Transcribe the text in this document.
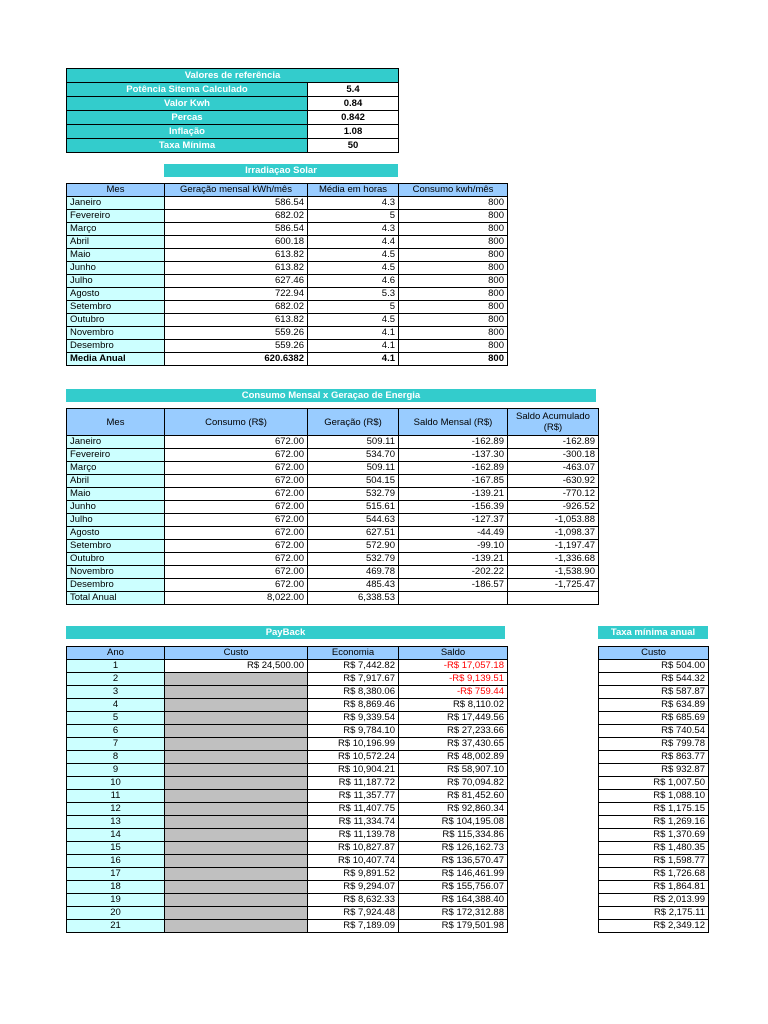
Valores de referência	
Potência Sitema Calculado	5.4
Valor Kwh	0.84
Percas	0.842
Inflação	1.08
Taxa Mínima	50
Irradiaçao Solar
Mes	Geração mensal kWh/mês	Média em horas	Consumo kwh/mês
Janeiro	586.54	4.3	800
Fevereiro	682.02	5	800
Março	586.54	4.3	800
Abril	600.18	4.4	800
Maio	613.82	4.5	800
Junho	613.82	4.5	800
Julho	627.46	4.6	800
Agosto	722.94	5.3	800
Setembro	682.02	5	800
Outubro	613.82	4.5	800
Novembro	559.26	4.1	800
Desembro	559.26	4.1	800
Media Anual	620.6382	4.1	800
Consumo Mensal x Geraçao de Energia
Mes	Consumo (R$)	Geração (R$)	Saldo Mensal (R$)	Saldo Acumulado (R$)
Janeiro	672.00	509.11	-162.89	-162.89
Fevereiro	672.00	534.70	-137.30	-300.18
Março	672.00	509.11	-162.89	-463.07
Abril	672.00	504.15	-167.85	-630.92
Maio	672.00	532.79	-139.21	-770.12
Junho	672.00	515.61	-156.39	-926.52
Julho	672.00	544.63	-127.37	-1,053.88
Agosto	672.00	627.51	-44.49	-1,098.37
Setembro	672.00	572.90	-99.10	-1,197.47
Outubro	672.00	532.79	-139.21	-1,336.68
Novembro	672.00	469.78	-202.22	-1,538.90
Desembro	672.00	485.43	-186.57	-1,725.47
Total Anual	8,022.00	6,338.53		
PayBack
Ano	Custo	Economia	Saldo
1	R$ 24,500.00	R$ 7,442.82	-R$ 17,057.18
2		R$ 7,917.67	-R$ 9,139.51
3		R$ 8,380.06	-R$ 759.44
4		R$ 8,869.46	R$ 8,110.02
5		R$ 9,339.54	R$ 17,449.56
6		R$ 9,784.10	R$ 27,233.66
7		R$ 10,196.99	R$ 37,430.65
8		R$ 10,572.24	R$ 48,002.89
9		R$ 10,904.21	R$ 58,907.10
10		R$ 11,187.72	R$ 70,094.82
11		R$ 11,357.77	R$ 81,452.60
12		R$ 11,407.75	R$ 92,860.34
13		R$ 11,334.74	R$ 104,195.08
14		R$ 11,139.78	R$ 115,334.86
15		R$ 10,827.87	R$ 126,162.73
16		R$ 10,407.74	R$ 136,570.47
17		R$ 9,891.52	R$ 146,461.99
18		R$ 9,294.07	R$ 155,756.07
19		R$ 8,632.33	R$ 164,388.40
20		R$ 7,924.48	R$ 172,312.88
21		R$ 7,189.09	R$ 179,501.98
Taxa mínima anual
Custo
R$ 504.00
R$ 544.32
R$ 587.87
R$ 634.89
R$ 685.69
R$ 740.54
R$ 799.78
R$ 863.77
R$ 932.87
R$ 1,007.50
R$ 1,088.10
R$ 1,175.15
R$ 1,269.16
R$ 1,370.69
R$ 1,480.35
R$ 1,598.77
R$ 1,726.68
R$ 1,864.81
R$ 2,013.99
R$ 2,175.11
R$ 2,349.12
